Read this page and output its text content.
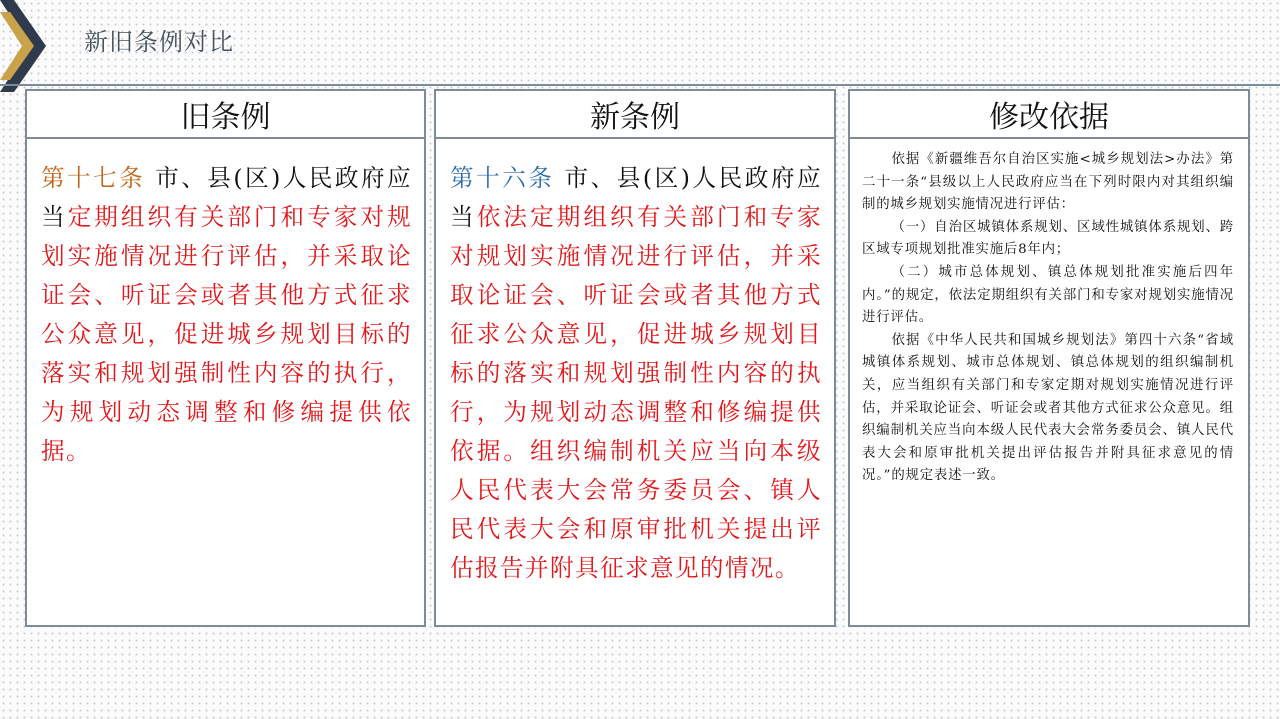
新旧条例对比
旧条例
第十七条 市、县(区)人民政府应当定期组织有关部门和专家对规划实施情况进行评估，并采取论证会、听证会或者其他方式征求公众意见，促进城乡规划目标的落实和规划强制性内容的执行，为规划动态调整和修编提供依据。
新条例
第十六条 市、县(区)人民政府应当依法定期组织有关部门和专家对规划实施情况进行评估，并采取论证会、听证会或者其他方式征求公众意见，促进城乡规划目标的落实和规划强制性内容的执行，为规划动态调整和修编提供依据。组织编制机关应当向本级人民代表大会常务委员会、镇人民代表大会和原审批机关提出评估报告并附具征求意见的情况。
修改依据

依据《新疆维吾尔自治区实施<城乡规划法>办法》第二十一条“县级以上人民政府应当在下列时限内对其组织编制的城乡规划实施情况进行评估：

（一）自治区城镇体系规划、区域性城镇体系规划、跨区域专项规划批准实施后8年内；

（二）城市总体规划、镇总体规划批准实施后四年内。”的规定，依法定期组织有关部门和专家对规划实施情况进行评估。

依据《中华人民共和国城乡规划法》第四十六条“省域城镇体系规划、城市总体规划、镇总体规划的组织编制机关，应当组织有关部门和专家定期对规划实施情况进行评估，并采取论证会、听证会或者其他方式征求公众意见。组织编制机关应当向本级人民代表大会常务委员会、镇人民代表大会和原审批机关提出评估报告并附具征求意见的情况。”的规定表述一致。
